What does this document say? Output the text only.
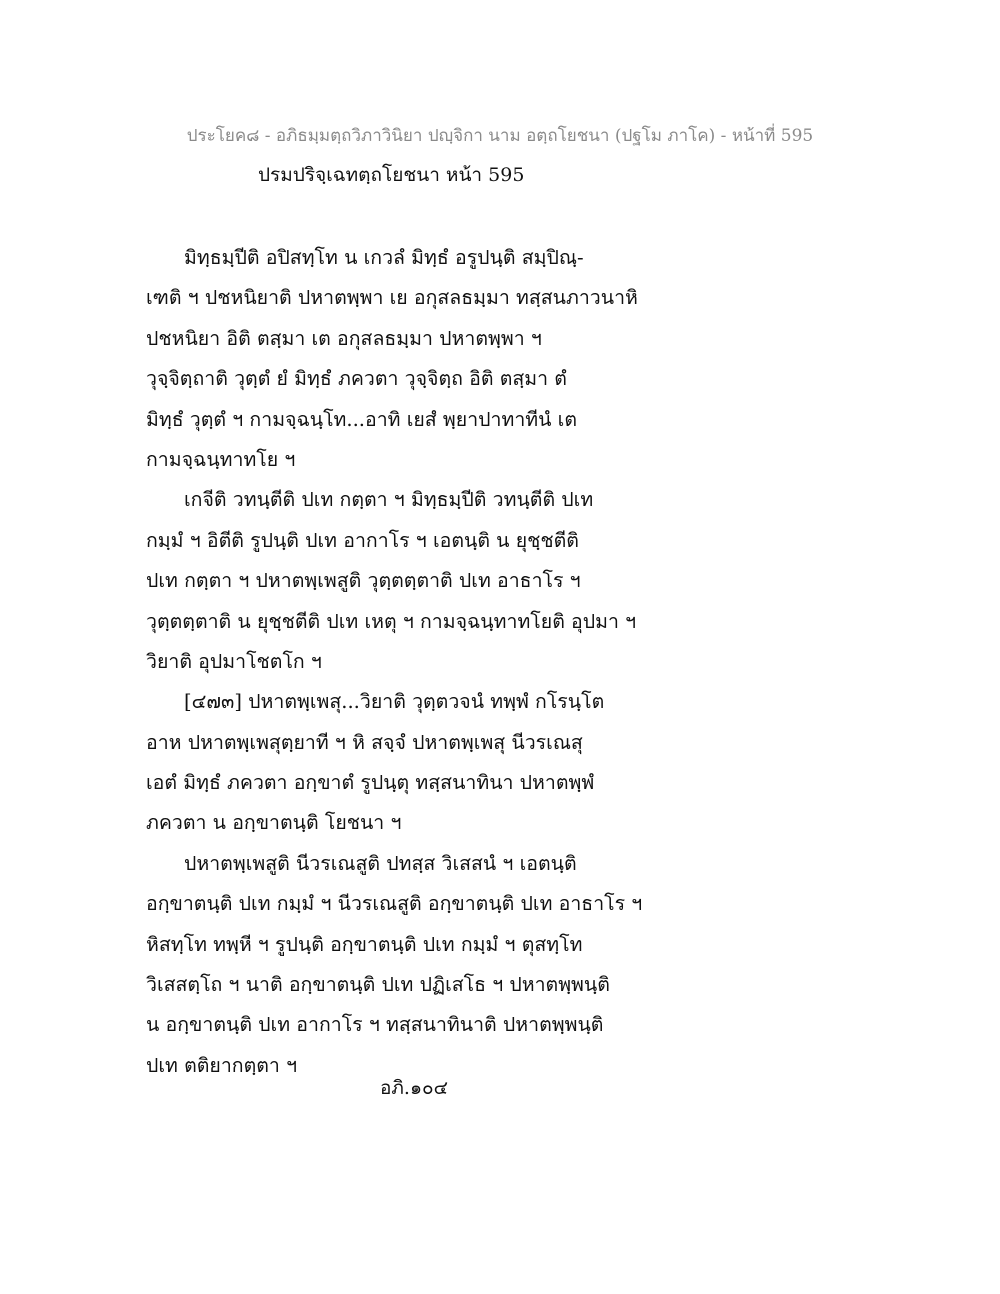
ประโยค๘ - อภิธมฺมตฺถวิภาวินิยา ปญฺจิกา นาม อตฺถโยชนา (ปฐโม ภาโค) - หน้าที่ 595
ปรมปริจฺเฉทตฺถโยชนา หน้า 595
มิทฺธมฺปีติ อปิสทฺโท น เกวลํ มิทฺธํ อรูปนฺติ สมฺปิณฺ-
เฑติ ฯ ปชหนิยาติ ปหาตพฺพา เย อกุสลธมฺมา ทสฺสนภาวนาหิ
ปชหนิยา อิติ ตสฺมา เต อกุสลธมฺมา ปหาตพฺพา ฯ
วุจฺจิตฺถาติ วุตฺตํ ยํ มิทฺธํ ภควตา วุจฺจิตฺถ อิติ ตสฺมา ตํ
มิทฺธํ วุตฺตํ ฯ กามจฺฉนฺโท...อาทิ เยสํ พฺยาปาทาทีนํ เต
กามจฺฉนฺทาทโย ฯ
เกจีติ วทนฺตีติ ปเท กตฺตา ฯ มิทฺธมฺปีติ วทนฺตีติ ปเท
กมฺมํ ฯ อิตีติ รูปนฺติ ปเท อากาโร ฯ เอตนฺติ น ยุชฺชตีติ
ปเท กตฺตา ฯ ปหาตพฺเพสูติ วุตฺตตฺตาติ ปเท อาธาโร ฯ
วุตฺตตฺตาติ น ยุชฺชตีติ ปเท เหตุ ฯ กามจฺฉนฺทาทโยติ อุปมา ฯ
วิยาติ อุปมาโชตโก ฯ
[๔๗๓] ปหาตพฺเพสุ...วิยาติ วุตฺตวจนํ ทพฺพํ กโรนฺโต
อาห ปหาตพฺเพสุตฺยาที ฯ หิ สจฺจํ ปหาตพฺเพสุ นีวรเณสุ
เอตํ มิทฺธํ ภควตา อกฺขาตํ รูปนฺตุ ทสฺสนาทินา ปหาตพฺพํ
ภควตา น อกฺขาตนฺติ โยชนา ฯ
ปหาตพฺเพสูติ นีวรเณสูติ ปทสฺส วิเสสนํ ฯ เอตนฺติ
อกฺขาตนฺติ ปเท กมฺมํ ฯ นีวรเณสูติ อกฺขาตนฺติ ปเท อาธาโร ฯ
หิสทฺโท ทพฺหี ฯ รูปนฺติ อกฺขาตนฺติ ปเท กมฺมํ ฯ ตุสทฺโท
วิเสสตฺโถ ฯ นาติ อกฺขาตนฺติ ปเท ปฏิเสโธ ฯ ปหาตพฺพนฺติ
น อกฺขาตนฺติ ปเท อากาโร ฯ ทสฺสนาทินาติ ปหาตพฺพนฺติ
ปเท ตติยากตฺตา ฯ
อภิ.๑๐๔
